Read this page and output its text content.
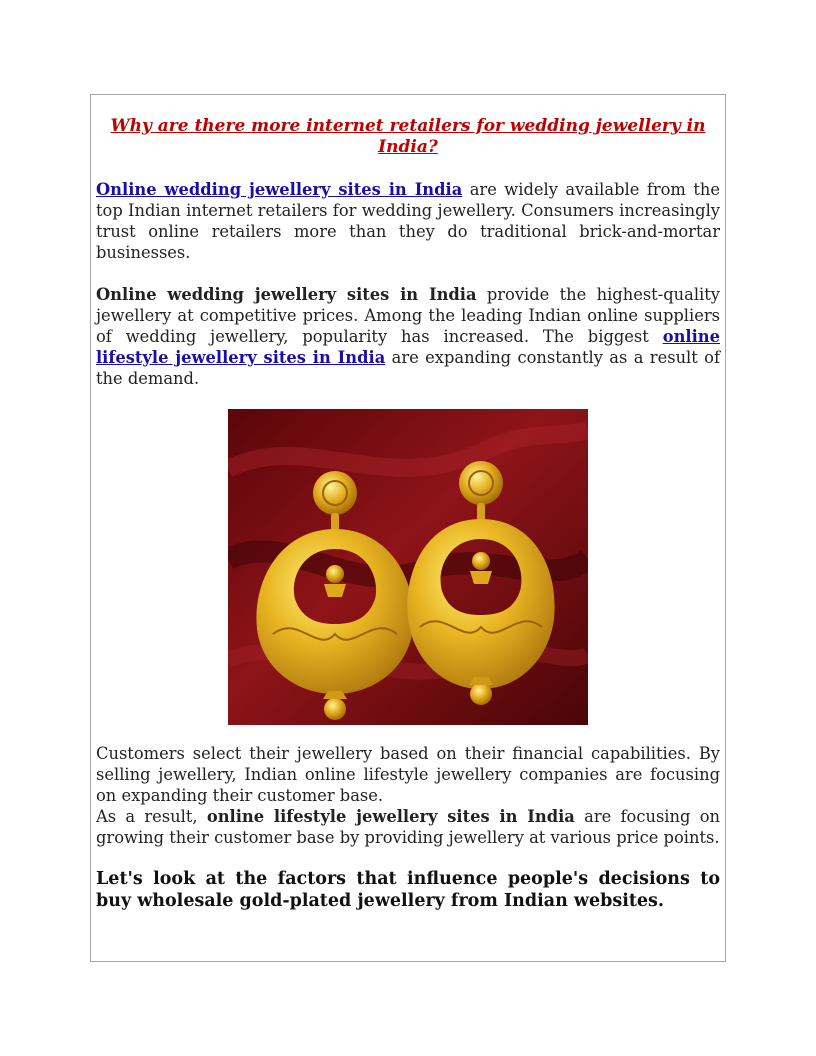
Why are there more internet retailers for wedding jewellery in India?

Online wedding jewellery sites in India are widely available from the top Indian internet retailers for wedding jewellery. Consumers increasingly trust online retailers more than they do traditional brick-and-mortar businesses.

Online wedding jewellery sites in India provide the highest-quality jewellery at competitive prices. Among the leading Indian online suppliers of wedding jewellery, popularity has increased. The biggest online lifestyle jewellery sites in India are expanding constantly as a result of the demand.

Customers select their jewellery based on their financial capabilities. By selling jewellery, Indian online lifestyle jewellery companies are focusing on expanding their customer base.

As a result, online lifestyle jewellery sites in India are focusing on growing their customer base by providing jewellery at various price points.

Let's look at the factors that influence people's decisions to buy wholesale gold-plated jewellery from Indian websites.
